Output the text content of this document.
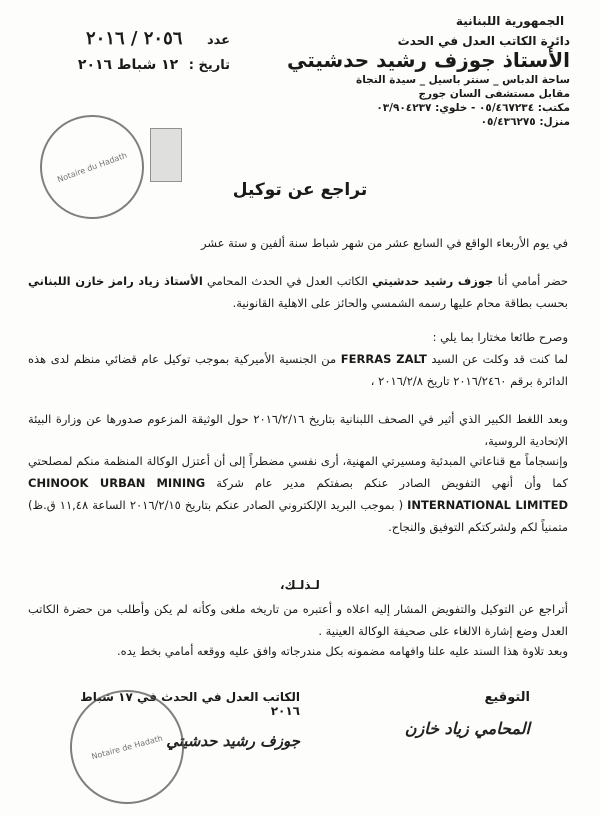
الجمهورية اللبنانية
دائرة الكاتب العدل في الحدث
الأستاذ جوزف رشيد حدشيتي
ساحة الدباس _ سنتر باسيل _ سيدة النجاة
مقابل مستشفى السان جورج
مكتب: ٠٥/٤٦٧٢٣٤ - خلوي: ٠٣/٩٠٤٢٣٧
منزل: ٠٥/٤٣٦٢٧٥
عدد ٢٠٥٦ / ٢٠١٦
تاريخ : ١٢ شباط ٢٠١٦
Notaire du Hadath
تراجع عن توكيل
في يوم الأربعاء الواقع في السابع عشر من شهر شباط سنة ألفين و ستة عشر
حضر أمامي أنا جوزف رشيد حدشيتي الكاتب العدل في الحدث المحامي الأستاذ زياد رامز خازن اللبناني بحسب بطاقة محام عليها رسمه الشمسي والحائز على الاهلية القانونية.
وصرح طائعا مختارا بما يلي :
لما كنت قد وكلت عن السيد FERRAS ZALT من الجنسية الأميركية بموجب توكيل عام قضائي منظم لدى هذه الدائرة برقم ٢٠١٦/٢٤٦٠ تاريخ ٢٠١٦/٢/٨ ،
وبعد اللغط الكبير الذي أثير في الصحف اللبنانية بتاريخ ٢٠١٦/٢/١٦ حول الوثيقة المزعوم صدورها عن وزارة البيئة الإتحادية الروسية،
وإنسجاماً مع قناعاتي المبدئية ومسيرتي المهنية، أرى نفسي مضطراً إلى أن أعتزل الوكالة المنظمة منكم لمصلحتي كما وأن أنهي التفويض الصادر عنكم بصفتكم مدير عام شركة CHINOOK URBAN MINING INTERNATIONAL LIMITED ( بموجب البريد الإلكتروني الصادر عنكم بتاريخ ٢٠١٦/٢/١٥ الساعة ١١,٤٨ ق.ظ) متمنياً لكم ولشركتكم التوفيق والنجاح.
لـذلـك،
أتراجع عن التوكيل والتفويض المشار إليه اعلاه و أعتبره من تاريخه ملغى وكأنه لم يكن وأطلب من حضرة الكاتب العدل وضع إشارة الالغاء على صحيفة الوكالة العينية .
وبعد تلاوة هذا السند عليه علنا وافهامه مضمونه بكل مندرجاته وافق عليه ووقعه أمامي بخط يده.
التوقيع
المحامي زياد خازن
الكاتب العدل في الحدث في ١٧ شباط ٢٠١٦
جوزف رشيد حدشيتي
Notaire de Hadath
